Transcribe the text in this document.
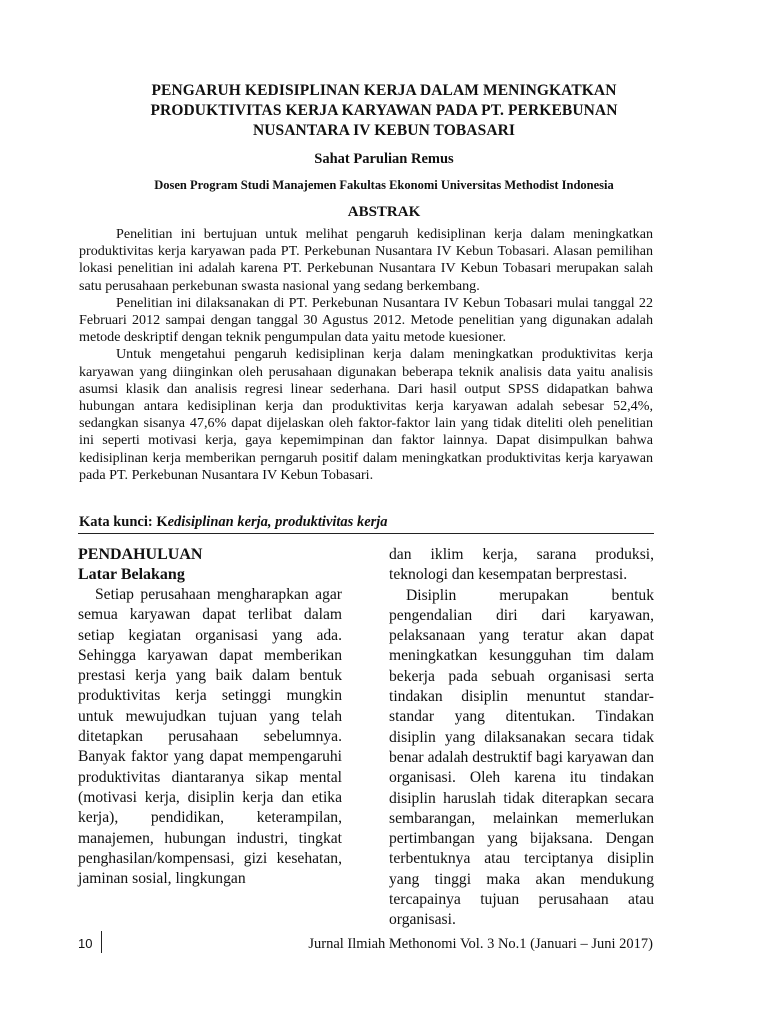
PENGARUH KEDISIPLINAN KERJA DALAM MENINGKATKAN
PRODUKTIVITAS KERJA KARYAWAN PADA PT. PERKEBUNAN
NUSANTARA IV KEBUN TOBASARI
Sahat Parulian Remus
Dosen Program Studi Manajemen Fakultas Ekonomi Universitas Methodist Indonesia
ABSTRAK

Penelitian ini bertujuan untuk melihat pengaruh kedisiplinan kerja dalam meningkatkan produktivitas kerja karyawan pada PT. Perkebunan Nusantara IV Kebun Tobasari. Alasan pemilihan lokasi penelitian ini adalah karena PT. Perkebunan Nusantara IV Kebun Tobasari merupakan salah satu perusahaan perkebunan swasta nasional yang sedang berkembang.

Penelitian ini dilaksanakan di PT. Perkebunan Nusantara IV Kebun Tobasari mulai tanggal 22 Februari 2012 sampai dengan tanggal 30 Agustus 2012. Metode penelitian yang digunakan adalah metode deskriptif dengan teknik pengumpulan data yaitu metode kuesioner.

Untuk mengetahui pengaruh kedisiplinan kerja dalam meningkatkan produktivitas kerja karyawan yang diinginkan oleh perusahaan digunakan beberapa teknik analisis data yaitu analisis asumsi klasik dan analisis regresi linear sederhana. Dari hasil output SPSS didapatkan bahwa hubungan antara kedisiplinan kerja dan produktivitas kerja karyawan adalah sebesar 52,4%, sedangkan sisanya 47,6% dapat dijelaskan oleh faktor-faktor lain yang tidak diteliti oleh penelitian ini seperti motivasi kerja, gaya kepemimpinan dan faktor lainnya. Dapat disimpulkan bahwa kedisiplinan kerja memberikan perngaruh positif dalam meningkatkan produktivitas kerja karyawan pada PT. Perkebunan Nusantara IV Kebun Tobasari.

Kata kunci: Kedisiplinan kerja, produktivitas kerja

PENDAHULUAN

Latar Belakang

Setiap perusahaan mengharapkan agar semua karyawan dapat terlibat dalam setiap kegiatan organisasi yang ada. Sehingga karyawan dapat memberikan prestasi kerja yang baik dalam bentuk produktivitas kerja setinggi mungkin untuk mewujudkan tujuan yang telah ditetapkan perusahaan sebelumnya. Banyak faktor yang dapat mempengaruhi produktivitas diantaranya sikap mental (motivasi kerja, disiplin kerja dan etika kerja), pendidikan, keterampilan, manajemen, hubungan industri, tingkat penghasilan/kompensasi, gizi kesehatan, jaminan sosial, lingkungan

dan iklim kerja, sarana produksi, teknologi dan kesempatan berprestasi.

Disiplin merupakan bentuk pengendalian diri dari karyawan, pelaksanaan yang teratur akan dapat meningkatkan kesungguhan tim dalam bekerja pada sebuah organisasi serta tindakan disiplin menuntut standar-standar yang ditentukan. Tindakan disiplin yang dilaksanakan secara tidak benar adalah destruktif bagi karyawan dan organisasi. Oleh karena itu tindakan disiplin haruslah tidak diterapkan secara sembarangan, melainkan memerlukan pertimbangan yang bijaksana. Dengan terbentuknya atau terciptanya disiplin yang tinggi maka akan mendukung tercapainya tujuan perusahaan atau organisasi.

10	Jurnal Ilmiah Methonomi Vol. 3 No.1 (Januari – Juni 2017)
